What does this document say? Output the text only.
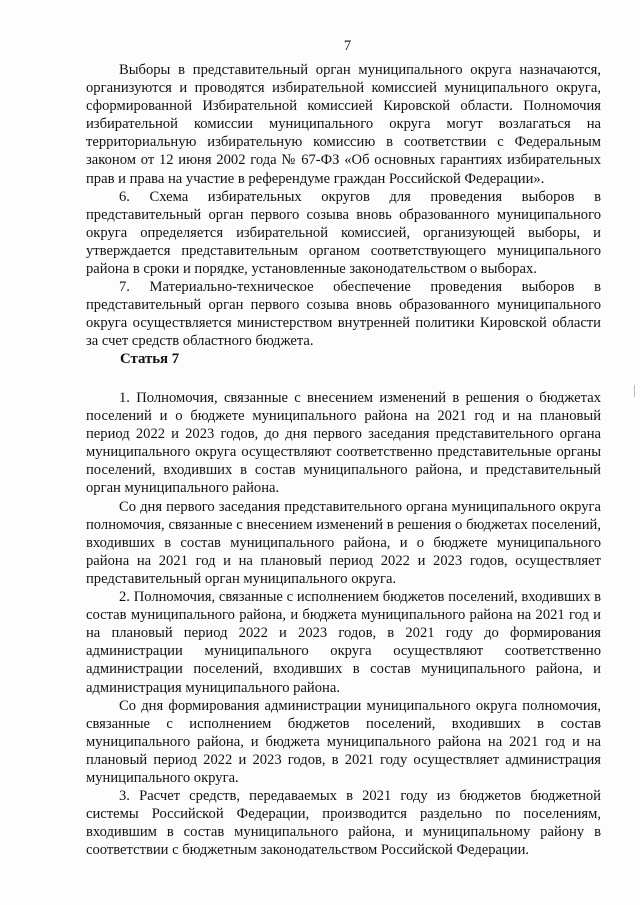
7

Выборы в представительный орган муниципального округа назначаются, организуются и проводятся избирательной комиссией муниципального округа, сформированной Избирательной комиссией Кировской области. Полномочия избирательной комиссии муниципального округа могут возлагаться на территориальную избирательную комиссию в соответствии с Федеральным законом от 12 июня 2002 года № 67-ФЗ «Об основных гарантиях избирательных прав и права на участие в референдуме граждан Российской Федерации».

6. Схема избирательных округов для проведения выборов в представительный орган первого созыва вновь образованного муниципального округа определяется избирательной комиссией, организующей выборы, и утверждается представительным органом соответствующего муниципального района в сроки и порядке, установленные законодательством о выборах.

7. Материально-техническое обеспечение проведения выборов в представительный орган первого созыва вновь образованного муниципального округа осуществляется министерством внутренней политики Кировской области за счет средств областного бюджета.

Статья 7

1. Полномочия, связанные с внесением изменений в решения о бюджетах поселений и о бюджете муниципального района на 2021 год и на плановый период 2022 и 2023 годов, до дня первого заседания представительного органа муниципального округа осуществляют соответственно представительные органы поселений, входивших в состав муниципального района, и представительный орган муниципального района.

Со дня первого заседания представительного органа муниципального округа полномочия, связанные с внесением изменений в решения о бюджетах поселений, входивших в состав муниципального района, и о бюджете муниципального района на 2021 год и на плановый период 2022 и 2023 годов, осуществляет представительный орган муниципального округа.

2. Полномочия, связанные с исполнением бюджетов поселений, входивших в состав муниципального района, и бюджета муниципального района на 2021 год и на плановый период 2022 и 2023 годов, в 2021 году до формирования администрации муниципального округа осуществляют соответственно администрации поселений, входивших в состав муниципального района, и администрация муниципального района.

Со дня формирования администрации муниципального округа полномочия, связанные с исполнением бюджетов поселений, входивших в состав муниципального района, и бюджета муниципального района на 2021 год и на плановый период 2022 и 2023 годов, в 2021 году осуществляет администрация муниципального округа.

3. Расчет средств, передаваемых в 2021 году из бюджетов бюджетной системы Российской Федерации, производится раздельно по поселениям, входившим в состав муниципального района, и муниципальному району в соответствии с бюджетным законодательством Российской Федерации.
